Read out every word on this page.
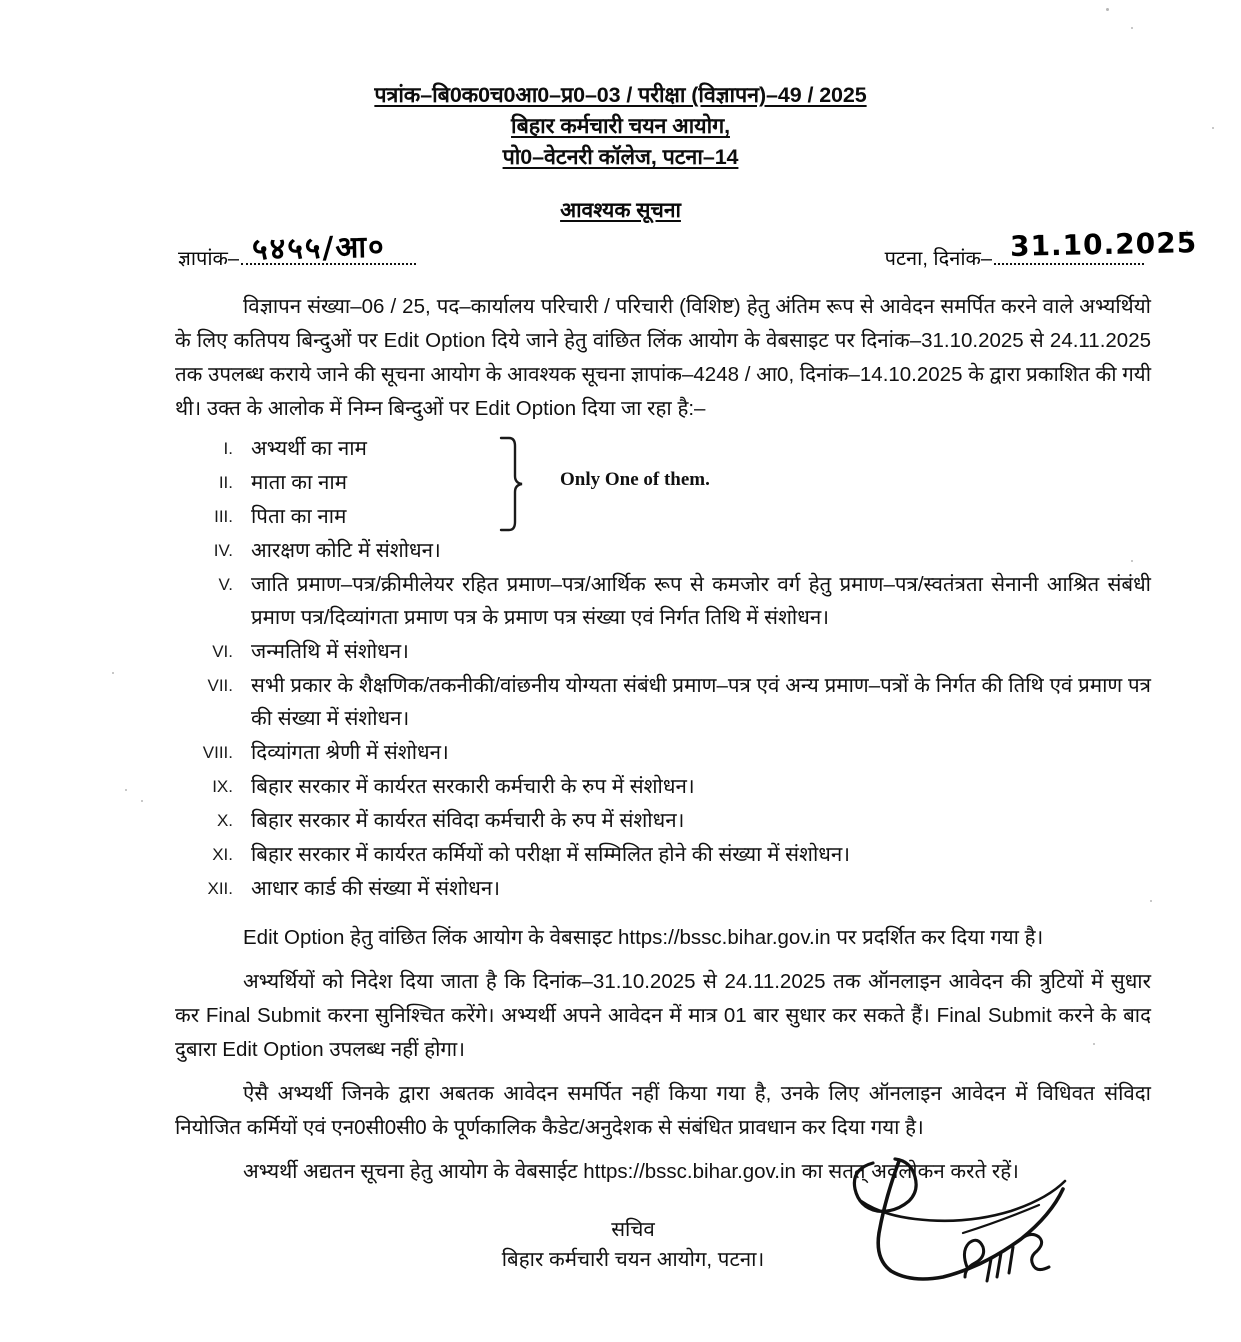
पत्रांक–बि0क0च0आ0–प्र0–03 / परीक्षा (विज्ञापन)–49 / 2025
बिहार कर्मचारी चयन आयोग,
पो0–वेटनरी कॉलेज, पटना–14
आवश्यक सूचना
ज्ञापांक– ५४५५/आ०	पटना, दिनांक– 31.10.2025

विज्ञापन संख्या–06 / 25, पद–कार्यालय परिचारी / परिचारी (विशिष्ट) हेतु अंतिम रूप से आवेदन समर्पित करने वाले अभ्यर्थियो के लिए कतिपय बिन्दुओं पर Edit Option दिये जाने हेतु वांछित लिंक आयोग के वेबसाइट पर दिनांक–31.10.2025 से 24.11.2025 तक उपलब्ध कराये जाने की सूचना आयोग के आवश्यक सूचना ज्ञापांक–4248 / आ0, दिनांक–14.10.2025 के द्वारा प्रकाशित की गयी थी। उक्त के आलोक में निम्न बिन्दुओं पर Edit Option दिया जा रहा है:–

Only One of them.
I. अभ्यर्थी का नाम
II. माता का नाम
III. पिता का नाम
IV. आरक्षण कोटि में संशोधन।
V. जाति प्रमाण–पत्र/क्रीमीलेयर रहित प्रमाण–पत्र/आर्थिक रूप से कमजोर वर्ग हेतु प्रमाण–पत्र/स्वतंत्रता सेनानी आश्रित संबंधी प्रमाण पत्र/दिव्यांगता प्रमाण पत्र के प्रमाण पत्र संख्या एवं निर्गत तिथि में संशोधन।
VI. जन्मतिथि में संशोधन।
VII. सभी प्रकार के शैक्षणिक/तकनीकी/वांछनीय योग्यता संबंधी प्रमाण–पत्र एवं अन्य प्रमाण–पत्रों के निर्गत की तिथि एवं प्रमाण पत्र की संख्या में संशोधन।
VIII. दिव्यांगता श्रेणी में संशोधन।
IX. बिहार सरकार में कार्यरत सरकारी कर्मचारी के रुप में संशोधन।
X. बिहार सरकार में कार्यरत संविदा कर्मचारी के रुप में संशोधन।
XI. बिहार सरकार में कार्यरत कर्मियों को परीक्षा में सम्मिलित होने की संख्या में संशोधन।
XII. आधार कार्ड की संख्या में संशोधन।

Edit Option हेतु वांछित लिंक आयोग के वेबसाइट https://bssc.bihar.gov.in पर प्रदर्शित कर दिया गया है।

अभ्यर्थियों को निदेश दिया जाता है कि दिनांक–31.10.2025 से 24.11.2025 तक ऑनलाइन आवेदन की त्रुटियों में सुधार कर Final Submit करना सुनिश्चित करेंगे। अभ्यर्थी अपने आवेदन में मात्र 01 बार सुधार कर सकते हैं। Final Submit करने के बाद दुबारा Edit Option उपलब्ध नहीं होगा।

ऐसै अभ्यर्थी जिनके द्वारा अबतक आवेदन समर्पित नहीं किया गया है, उनके लिए ऑनलाइन आवेदन में विधिवत संविदा नियोजित कर्मियों एवं एन0सी0सी0 के पूर्णकालिक कैडेट/अनुदेशक से संबंधित प्रावधान कर दिया गया है।

अभ्यर्थी अद्यतन सूचना हेतु आयोग के वेबसाईट https://bssc.bihar.gov.in का सतत् अवलोकन करते रहें।

सचिव
बिहार कर्मचारी चयन आयोग, पटना।
